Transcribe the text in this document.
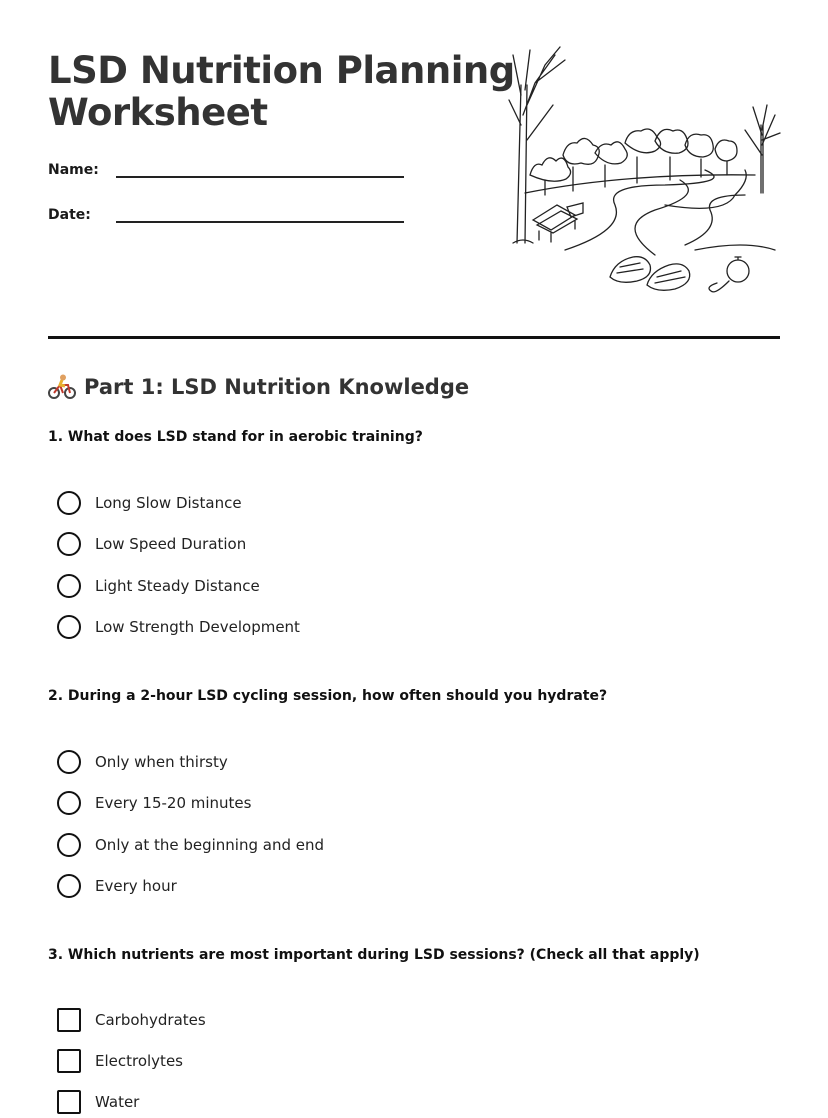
LSD Nutrition Planning
Worksheet
Name:
Date:
Part 1: LSD Nutrition Knowledge
1. What does LSD stand for in aerobic training?
Long Slow Distance
Low Speed Duration
Light Steady Distance
Low Strength Development
2. During a 2-hour LSD cycling session, how often should you hydrate?
Only when thirsty
Every 15-20 minutes
Only at the beginning and end
Every hour
3. Which nutrients are most important during LSD sessions? (Check all that apply)
Carbohydrates
Electrolytes
Water
